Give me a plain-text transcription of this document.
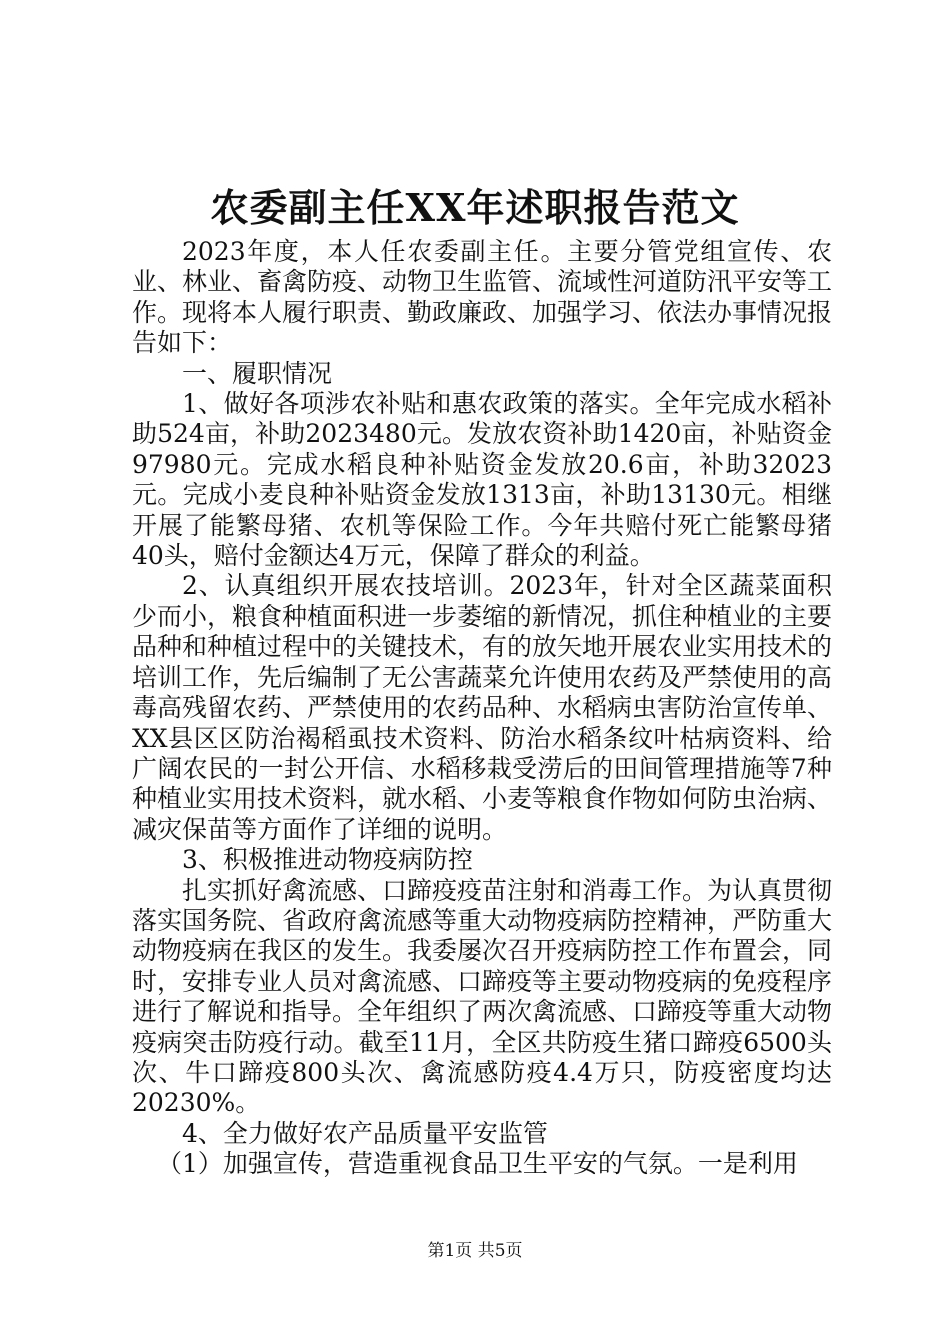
农委副主任XX年述职报告范文

2023年度，本人任农委副主任。主要分管党组宣传、农业、林业、畜禽防疫、动物卫生监管、流域性河道防汛平安等工作。现将本人履行职责、勤政廉政、加强学习、依法办事情况报告如下：

一、履职情况

1、做好各项涉农补贴和惠农政策的落实。全年完成水稻补助524亩，补助2023480元。发放农资补助1420亩，补贴资金97980元。完成水稻良种补贴资金发放20.6亩，补助32023元。完成小麦良种补贴资金发放1313亩，补助13130元。相继开展了能繁母猪、农机等保险工作。今年共赔付死亡能繁母猪40头，赔付金额达4万元，保障了群众的利益。

2、认真组织开展农技培训。2023年，针对全区蔬菜面积少而小，粮食种植面积进一步萎缩的新情况，抓住种植业的主要品种和种植过程中的关键技术，有的放矢地开展农业实用技术的培训工作，先后编制了无公害蔬菜允许使用农药及严禁使用的高毒高残留农药、严禁使用的农药品种、水稻病虫害防治宣传单、XX县区区防治褐稻虱技术资料、防治水稻条纹叶枯病资料、给广阔农民的一封公开信、水稻移栽受涝后的田间管理措施等7种种植业实用技术资料，就水稻、小麦等粮食作物如何防虫治病、减灾保苗等方面作了详细的说明。

3、积极推进动物疫病防控

扎实抓好禽流感、口蹄疫疫苗注射和消毒工作。为认真贯彻落实国务院、省政府禽流感等重大动物疫病防控精神，严防重大动物疫病在我区的发生。我委屡次召开疫病防控工作布置会，同时，安排专业人员对禽流感、口蹄疫等主要动物疫病的免疫程序进行了解说和指导。全年组织了两次禽流感、口蹄疫等重大动物疫病突击防疫行动。截至11月，全区共防疫生猪口蹄疫6500头次、牛口蹄疫800头次、禽流感防疫4.4万只，防疫密度均达20230%。

4、全力做好农产品质量平安监管

（1）加强宣传，营造重视食品卫生平安的气氛。一是利用

第1页 共5页
